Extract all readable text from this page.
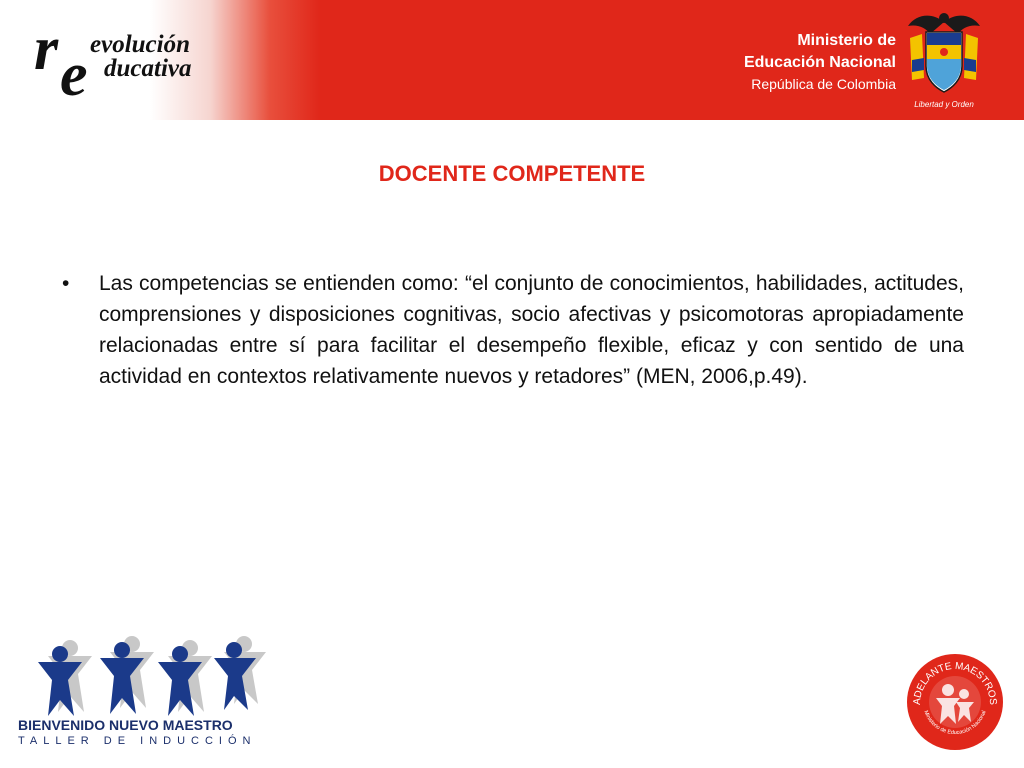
r e evolución
ducativa
Ministerio de
Educación Nacional
República de Colombia
Libertad y Orden
DOCENTE COMPETENTE
• Las competencias se entienden como: “el conjunto de conocimientos, habilidades, actitudes, comprensiones y disposiciones cognitivas, socio afectivas y psicomotoras apropiadamente relacionadas entre sí para facilitar el desempeño flexible, eficaz y con sentido de una actividad en contextos relativamente nuevos y retadores” (MEN, 2006,p.49).
BIENVENIDO NUEVO MAESTRO
TALLER DE INDUCCIÓN
ADELANTE MAESTROS
Ministerio de Educación Nacional
